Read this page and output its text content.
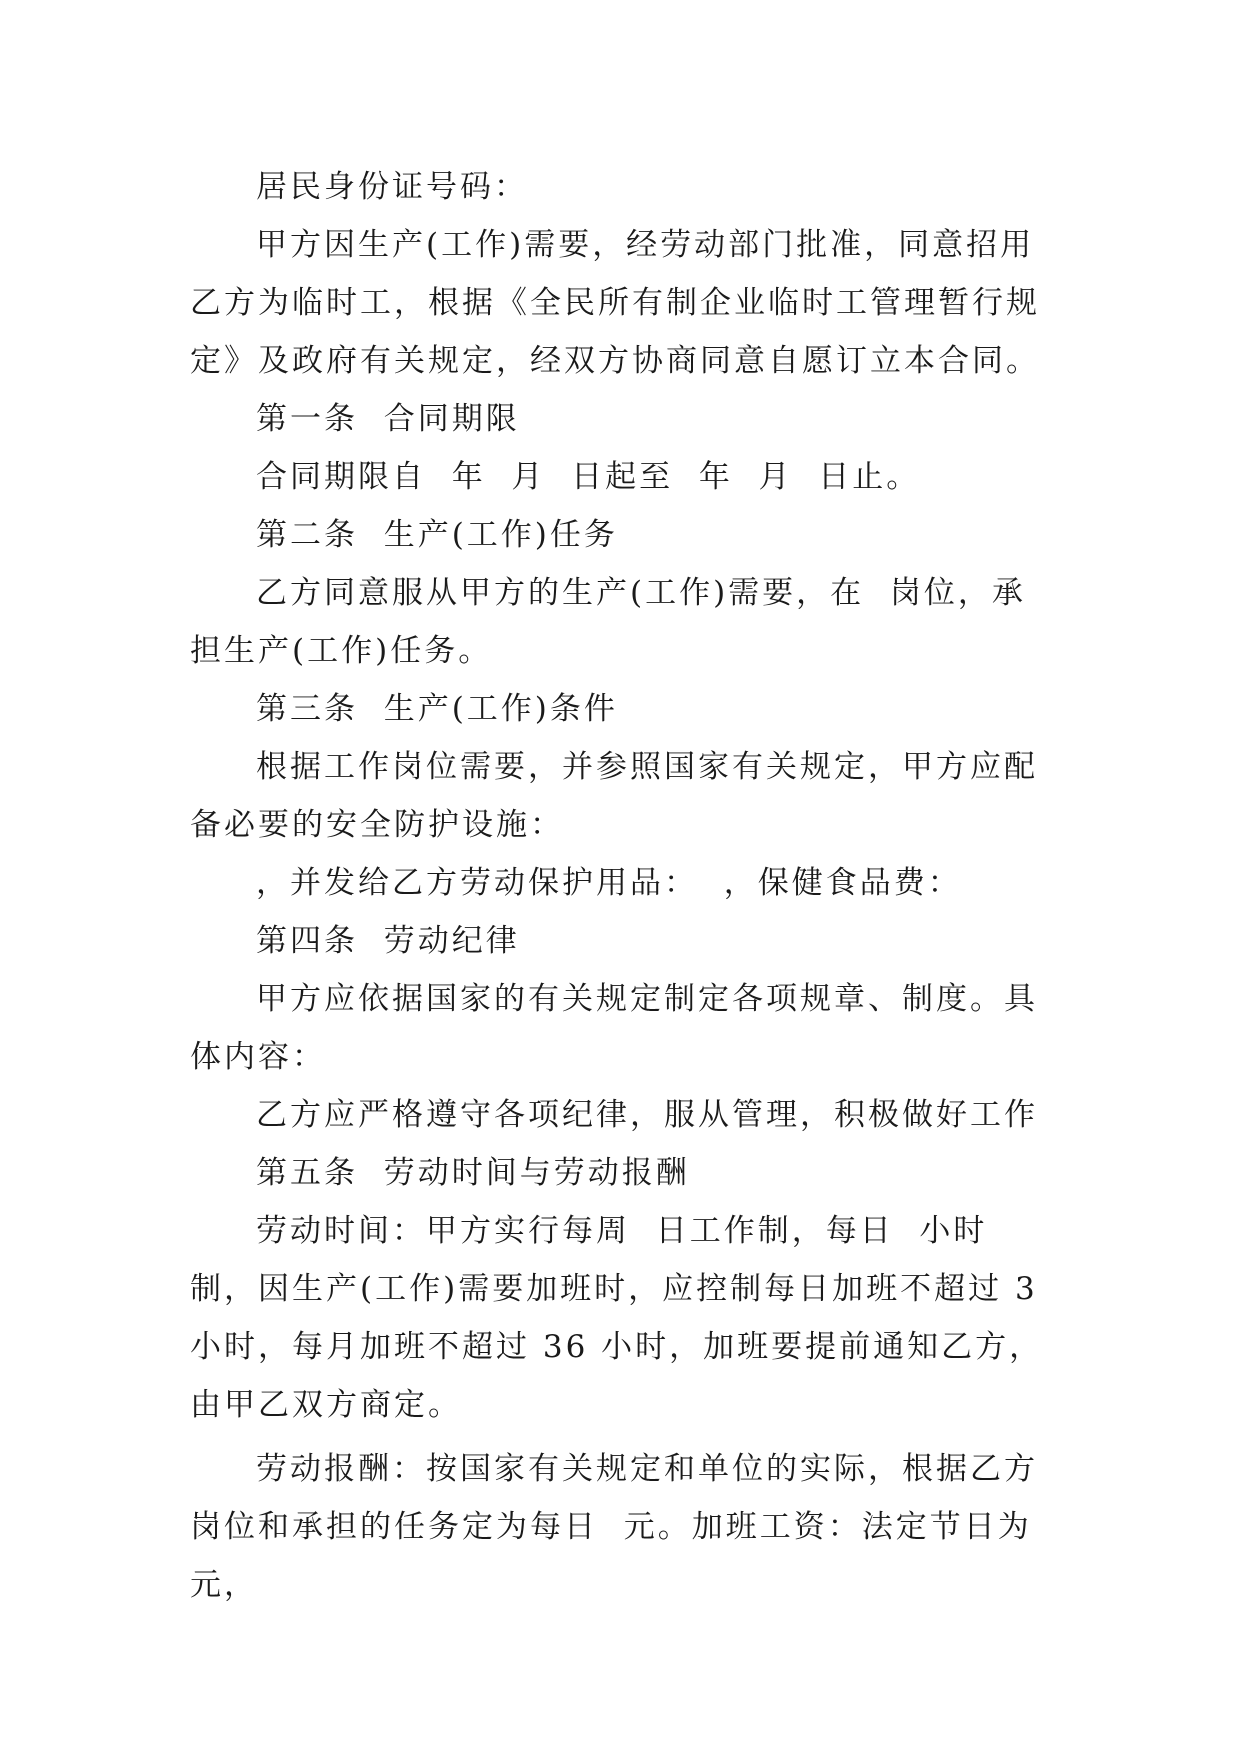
居民身份证号码：

甲方因生产(工作)需要，经劳动部门批准，同意招用乙方为临时工，根据《全民所有制企业临时工管理暂行规定》及政府有关规定，经双方协商同意自愿订立本合同。

第一条  合同期限

合同期限自  年  月  日起至  年  月  日止。

第二条  生产(工作)任务

乙方同意服从甲方的生产(工作)需要，在  岗位，承担生产(工作)任务。

第三条  生产(工作)条件

根据工作岗位需要，并参照国家有关规定，甲方应配备必要的安全防护设施：

，并发给乙方劳动保护用品：  ，保健食品费：

第四条  劳动纪律

甲方应依据国家的有关规定制定各项规章、制度。具体内容：

乙方应严格遵守各项纪律，服从管理，积极做好工作

第五条  劳动时间与劳动报酬

劳动时间：甲方实行每周  日工作制，每日  小时制，因生产(工作)需要加班时，应控制每日加班不超过 3 小时，每月加班不超过 36 小时，加班要提前通知乙方，由甲乙双方商定。

劳动报酬：按国家有关规定和单位的实际，根据乙方岗位和承担的任务定为每日  元。加班工资：法定节日为元，
